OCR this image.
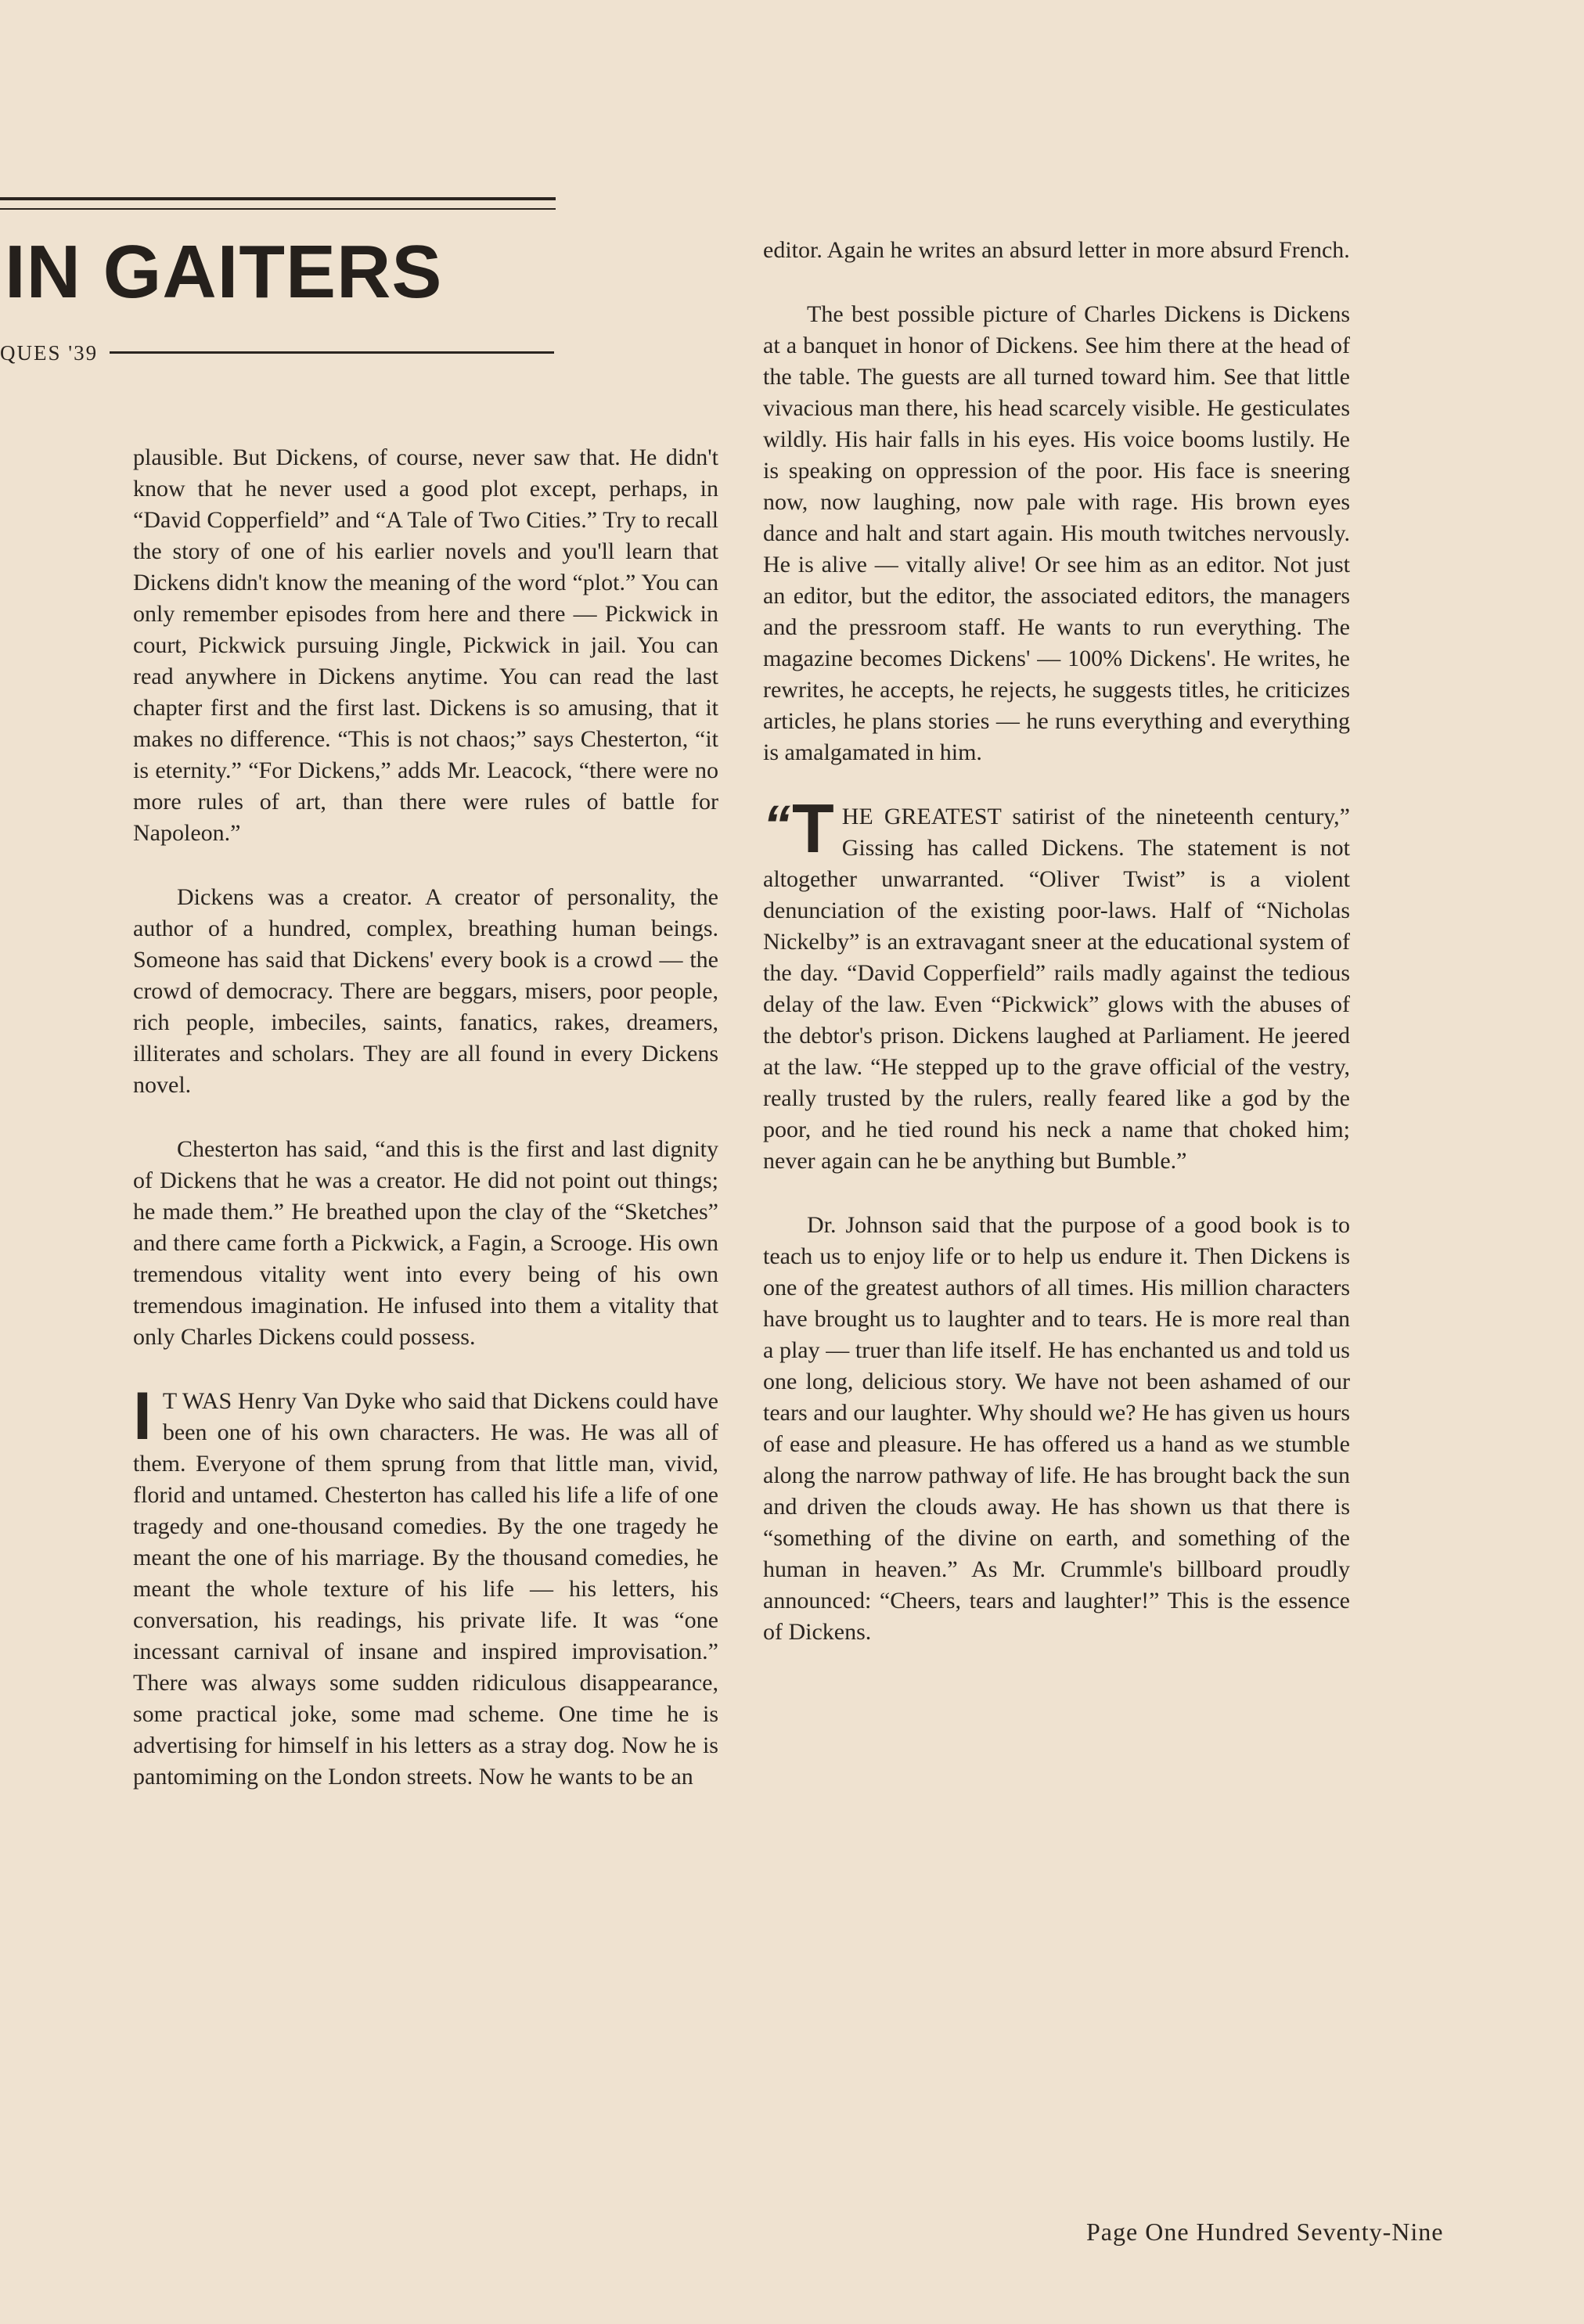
IN GAITERS
QUES '39

plausible. But Dickens, of course, never saw that. He didn't know that he never used a good plot except, perhaps, in “David Copperfield” and “A Tale of Two Cities.” Try to recall the story of one of his earlier novels and you'll learn that Dickens didn't know the meaning of the word “plot.” You can only remember episodes from here and there — Pickwick in court, Pickwick pursuing Jingle, Pickwick in jail. You can read anywhere in Dickens anytime. You can read the last chapter first and the first last. Dickens is so amusing, that it makes no difference. “This is not chaos;” says Chesterton, “it is eternity.” “For Dickens,” adds Mr. Leacock, “there were no more rules of art, than there were rules of battle for Napoleon.”

Dickens was a creator. A creator of personality, the author of a hundred, complex, breathing human beings. Someone has said that Dickens' every book is a crowd — the crowd of democracy. There are beggars, misers, poor people, rich people, imbeciles, saints, fanatics, rakes, dreamers, illiterates and scholars. They are all found in every Dickens novel.

Chesterton has said, “and this is the first and last dignity of Dickens that he was a creator. He did not point out things; he made them.” He breathed upon the clay of the “Sketches” and there came forth a Pickwick, a Fagin, a Scrooge. His own tremendous vitality went into every being of his own tremendous imagination. He infused into them a vitality that only Charles Dickens could possess.

I T WAS Henry Van Dyke who said that Dickens could have been one of his own characters. He was. He was all of them. Everyone of them sprung from that little man, vivid, florid and untamed. Chesterton has called his life a life of one tragedy and one-thousand comedies. By the one tragedy he meant the one of his marriage. By the thousand comedies, he meant the whole texture of his life — his letters, his conversation, his readings, his private life. It was “one incessant carnival of insane and inspired improvisation.” There was always some sudden ridiculous disappearance, some practical joke, some mad scheme. One time he is advertising for himself in his letters as a stray dog. Now he is pantomiming on the London streets. Now he wants to be an

editor. Again he writes an absurd letter in more absurd French.

The best possible picture of Charles Dickens is Dickens at a banquet in honor of Dickens. See him there at the head of the table. The guests are all turned toward him. See that little vivacious man there, his head scarcely visible. He gesticulates wildly. His hair falls in his eyes. His voice booms lustily. He is speaking on oppression of the poor. His face is sneering now, now laughing, now pale with rage. His brown eyes dance and halt and start again. His mouth twitches nervously. He is alive — vitally alive! Or see him as an editor. Not just an editor, but the editor, the associated editors, the managers and the pressroom staff. He wants to run everything. The magazine becomes Dickens' — 100% Dickens'. He writes, he rewrites, he accepts, he rejects, he suggests titles, he criticizes articles, he plans stories — he runs everything and everything is amalgamated in him.

“ T HE GREATEST satirist of the nineteenth century,” Gissing has called Dickens. The statement is not altogether unwarranted. “Oliver Twist” is a violent denunciation of the existing poor-laws. Half of “Nicholas Nickelby” is an extravagant sneer at the educational system of the day. “David Copperfield” rails madly against the tedious delay of the law. Even “Pickwick” glows with the abuses of the debtor's prison. Dickens laughed at Parliament. He jeered at the law. “He stepped up to the grave official of the vestry, really trusted by the rulers, really feared like a god by the poor, and he tied round his neck a name that choked him; never again can he be anything but Bumble.”

Dr. Johnson said that the purpose of a good book is to teach us to enjoy life or to help us endure it. Then Dickens is one of the greatest authors of all times. His million characters have brought us to laughter and to tears. He is more real than a play — truer than life itself. He has enchanted us and told us one long, delicious story. We have not been ashamed of our tears and our laughter. Why should we? He has given us hours of ease and pleasure. He has offered us a hand as we stumble along the narrow pathway of life. He has brought back the sun and driven the clouds away. He has shown us that there is “something of the divine on earth, and something of the human in heaven.” As Mr. Crummle's billboard proudly announced: “Cheers, tears and laughter!” This is the essence of Dickens.

Page One Hundred Seventy-Nine
